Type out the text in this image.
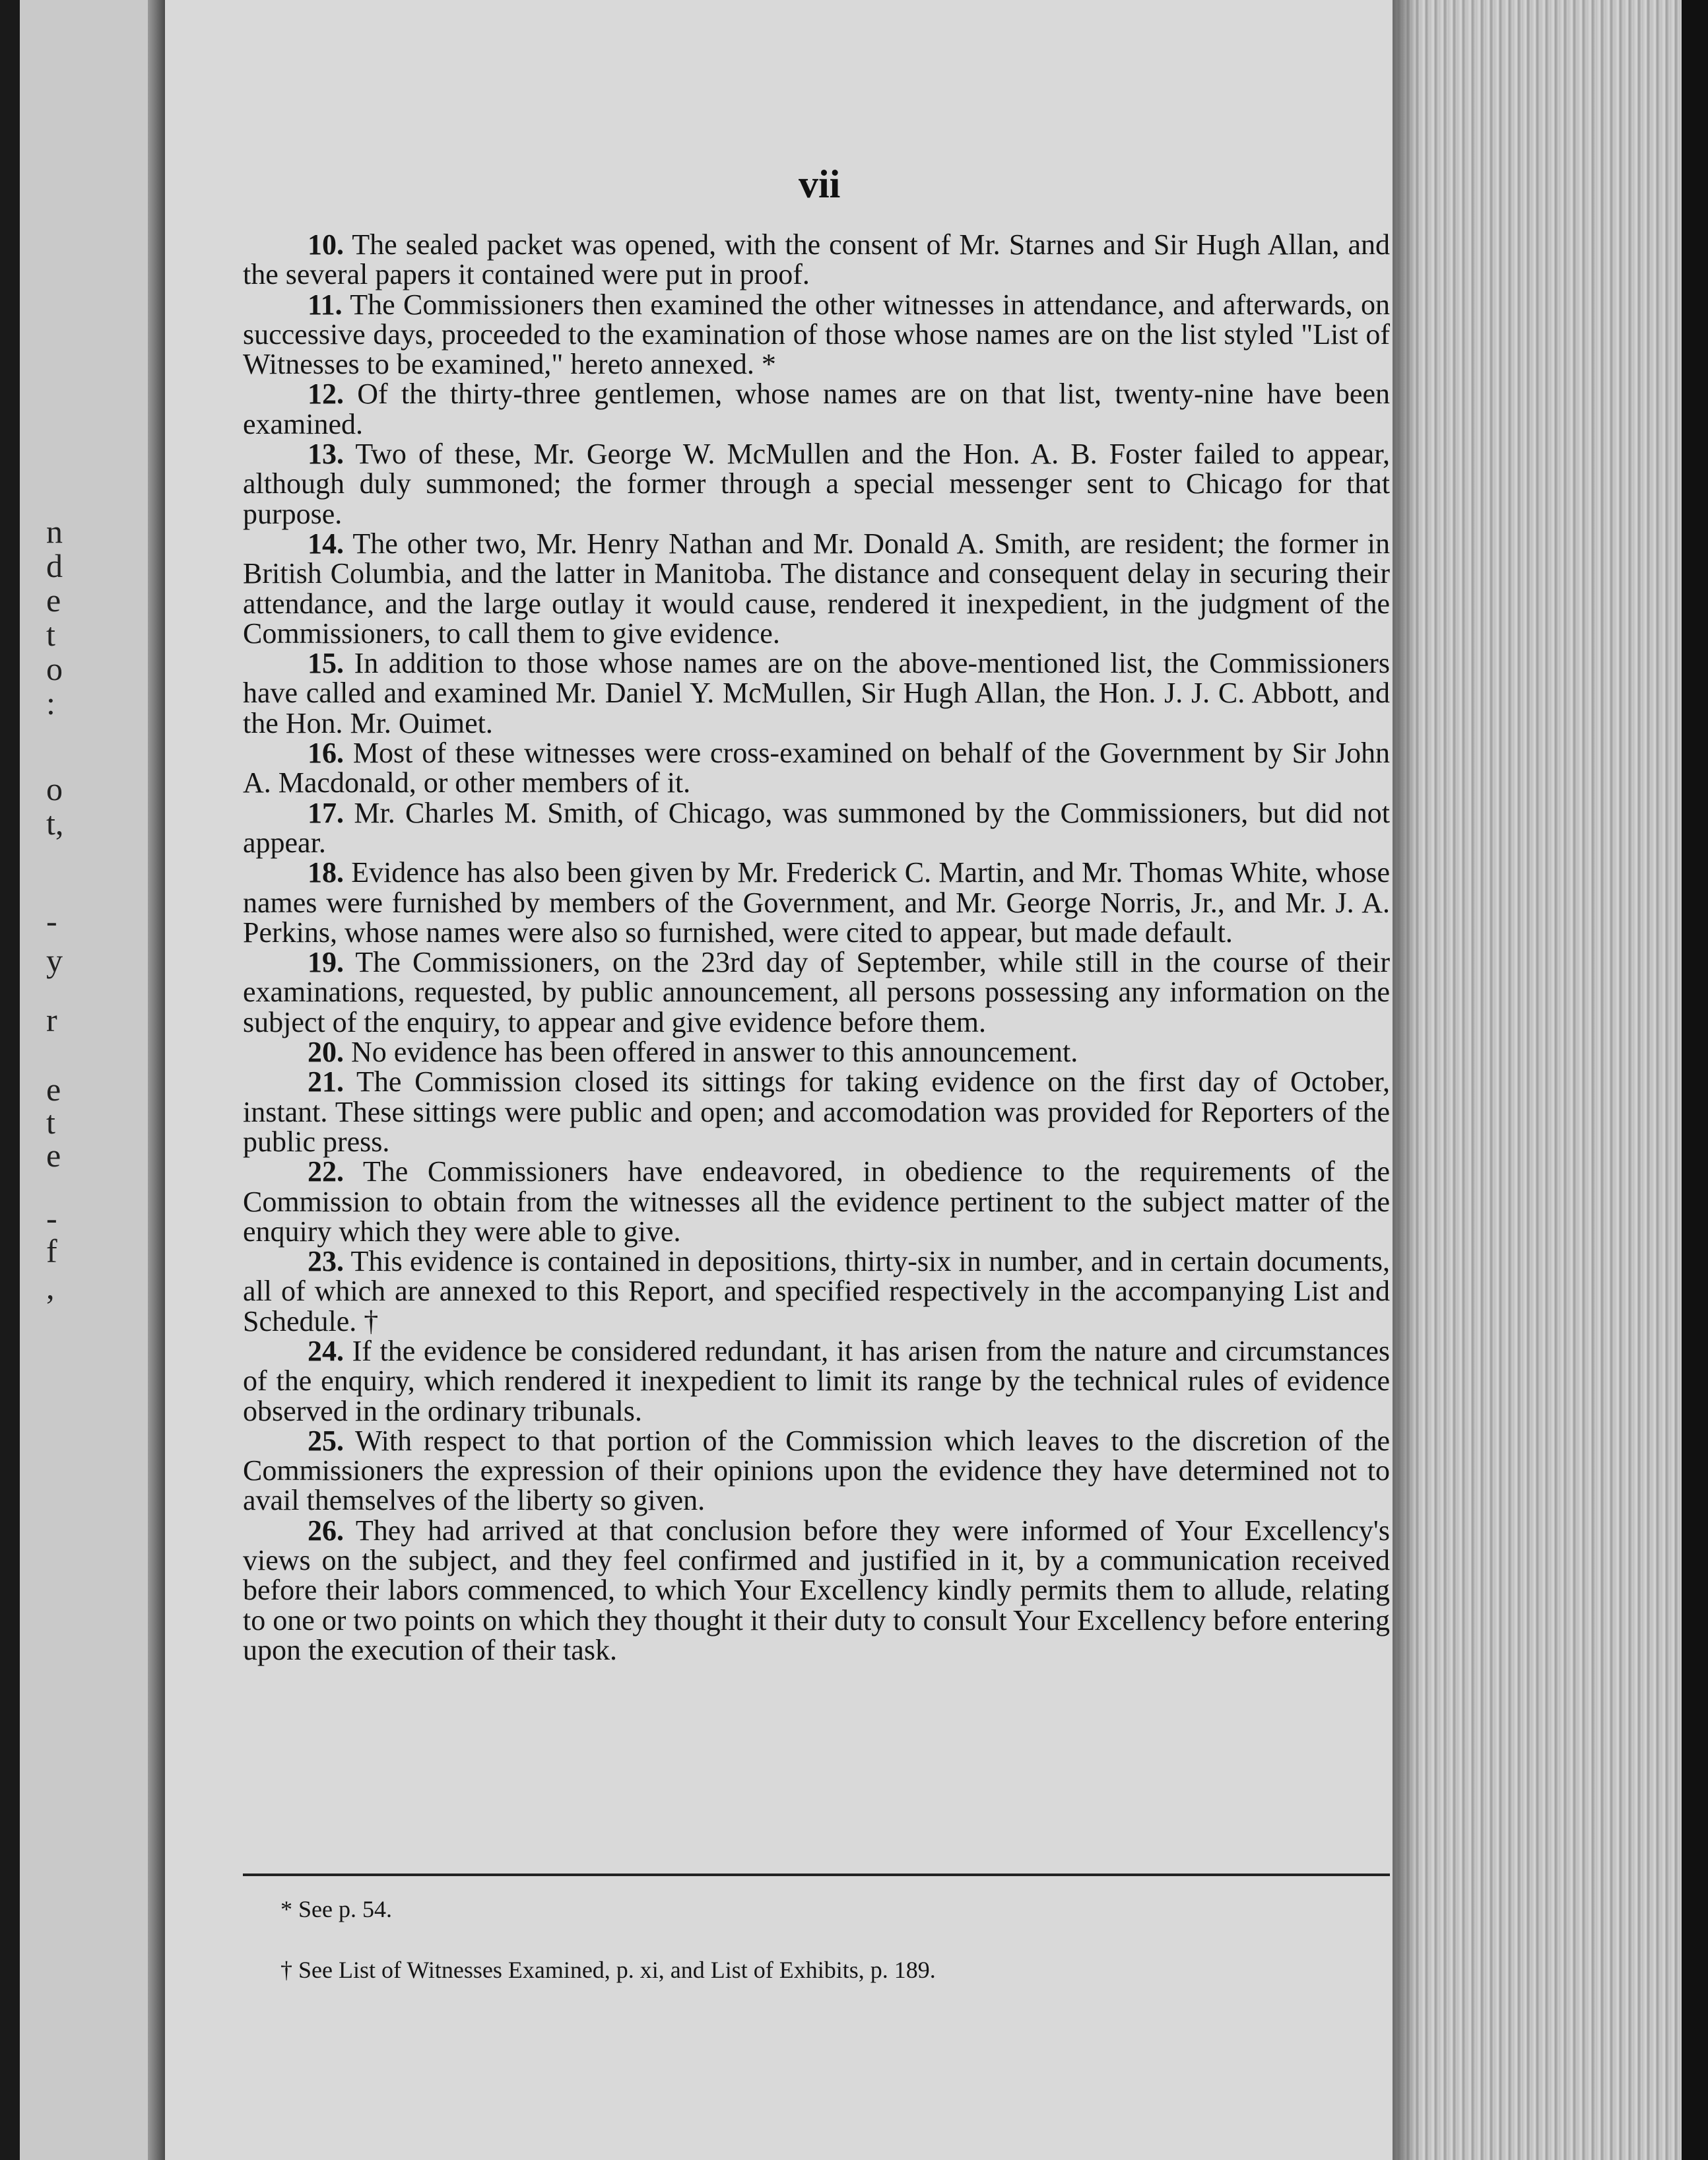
n
d
e
t
o
:
o
t,
-
y
r
e
t
e
-
f
,
vii

10. The sealed packet was opened, with the consent of Mr. Starnes and Sir Hugh Allan, and the several papers it contained were put in proof.

11. The Commissioners then examined the other witnesses in attendance, and afterwards, on successive days, proceeded to the examination of those whose names are on the list styled "List of Witnesses to be examined," hereto annexed. *

12. Of the thirty-three gentlemen, whose names are on that list, twenty-nine have been examined.

13. Two of these, Mr. George W. McMullen and the Hon. A. B. Foster failed to appear, although duly summoned; the former through a special messenger sent to Chicago for that purpose.

14. The other two, Mr. Henry Nathan and Mr. Donald A. Smith, are resident; the former in British Columbia, and the latter in Manitoba. The distance and consequent delay in securing their attendance, and the large outlay it would cause, rendered it inexpedient, in the judgment of the Commissioners, to call them to give evidence.

15. In addition to those whose names are on the above-mentioned list, the Commissioners have called and examined Mr. Daniel Y. McMullen, Sir Hugh Allan, the Hon. J. J. C. Abbott, and the Hon. Mr. Ouimet.

16. Most of these witnesses were cross-examined on behalf of the Government by Sir John A. Macdonald, or other members of it.

17. Mr. Charles M. Smith, of Chicago, was summoned by the Commissioners, but did not appear.

18. Evidence has also been given by Mr. Frederick C. Martin, and Mr. Thomas White, whose names were furnished by members of the Government, and Mr. George Norris, Jr., and Mr. J. A. Perkins, whose names were also so furnished, were cited to appear, but made default.

19. The Commissioners, on the 23rd day of September, while still in the course of their examinations, requested, by public announcement, all persons possessing any information on the subject of the enquiry, to appear and give evidence before them.

20. No evidence has been offered in answer to this announcement.

21. The Commission closed its sittings for taking evidence on the first day of October, instant. These sittings were public and open; and accomodation was provided for Reporters of the public press.

22. The Commissioners have endeavored, in obedience to the requirements of the Commission to obtain from the witnesses all the evidence pertinent to the subject matter of the enquiry which they were able to give.

23. This evidence is contained in depositions, thirty-six in number, and in certain documents, all of which are annexed to this Report, and specified respectively in the accompanying List and Schedule. †

24. If the evidence be considered redundant, it has arisen from the nature and circumstances of the enquiry, which rendered it inexpedient to limit its range by the technical rules of evidence observed in the ordinary tribunals.

25. With respect to that portion of the Commission which leaves to the discretion of the Commissioners the expression of their opinions upon the evidence they have determined not to avail themselves of the liberty so given.

26. They had arrived at that conclusion before they were informed of Your Excellency's views on the subject, and they feel confirmed and justified in it, by a communication received before their labors commenced, to which Your Excellency kindly permits them to allude, relating to one or two points on which they thought it their duty to consult Your Excellency before entering upon the execution of their task.

* See p. 54.

† See List of Witnesses Examined, p. xi, and List of Exhibits, p. 189.
